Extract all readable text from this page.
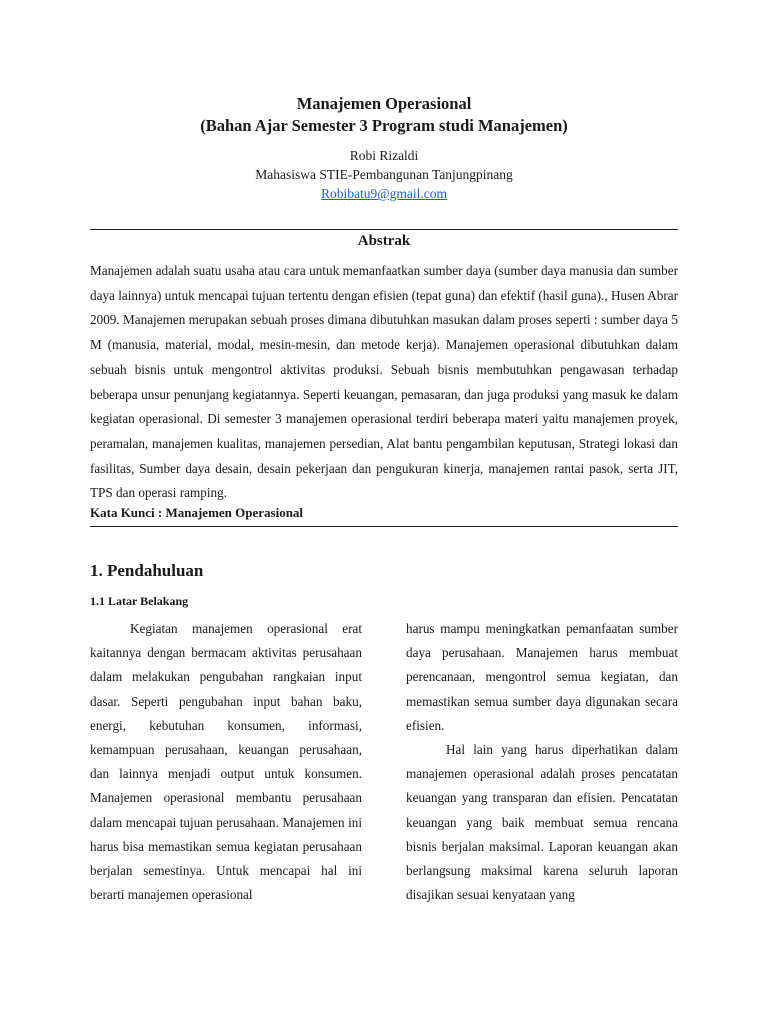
Manajemen Operasional
(Bahan Ajar Semester 3 Program studi Manajemen)
Robi Rizaldi
Mahasiswa STIE-Pembangunan Tanjungpinang
Robibatu9@gmail.com
Abstrak

Manajemen adalah suatu usaha atau cara untuk memanfaatkan sumber daya (sumber daya manusia dan sumber daya lainnya) untuk mencapai tujuan tertentu dengan efisien (tepat guna) dan efektif (hasil guna)., Husen Abrar 2009. Manajemen merupakan sebuah proses dimana dibutuhkan masukan dalam proses seperti : sumber daya 5 M (manusia, material, modal, mesin-mesin, dan metode kerja). Manajemen operasional dibutuhkan dalam sebuah bisnis untuk mengontrol aktivitas produksi. Sebuah bisnis membutuhkan pengawasan terhadap beberapa unsur penunjang kegiatannya. Seperti keuangan, pemasaran, dan juga produksi yang masuk ke dalam kegiatan operasional. Di semester 3 manajemen operasional terdiri beberapa materi yaitu manajemen proyek, peramalan, manajemen kualitas, manajemen persedian, Alat bantu pengambilan keputusan, Strategi lokasi dan fasilitas, Sumber daya desain, desain pekerjaan dan pengukuran kinerja, manajemen rantai pasok, serta JIT, TPS dan operasi ramping.

Kata Kunci : Manajemen Operasional
1. Pendahuluan
1.1 Latar Belakang

Kegiatan manajemen operasional erat kaitannya dengan bermacam aktivitas perusahaan dalam melakukan pengubahan rangkaian input dasar. Seperti pengubahan input bahan baku, energi, kebutuhan konsumen, informasi, kemampuan perusahaan, keuangan perusahaan, dan lainnya menjadi output untuk konsumen. Manajemen operasional membantu perusahaan dalam mencapai tujuan perusahaan. Manajemen ini harus bisa memastikan semua kegiatan perusahaan berjalan semestinya. Untuk mencapai hal ini berarti manajemen operasional

harus mampu meningkatkan pemanfaatan sumber daya perusahaan. Manajemen harus membuat perencanaan, mengontrol semua kegiatan, dan memastikan semua sumber daya digunakan secara efisien.

Hal lain yang harus diperhatikan dalam manajemen operasional adalah proses pencatatan keuangan yang transparan dan efisien. Pencatatan keuangan yang baik membuat semua rencana bisnis berjalan maksimal. Laporan keuangan akan berlangsung maksimal karena seluruh laporan disajikan sesuai kenyataan yang
